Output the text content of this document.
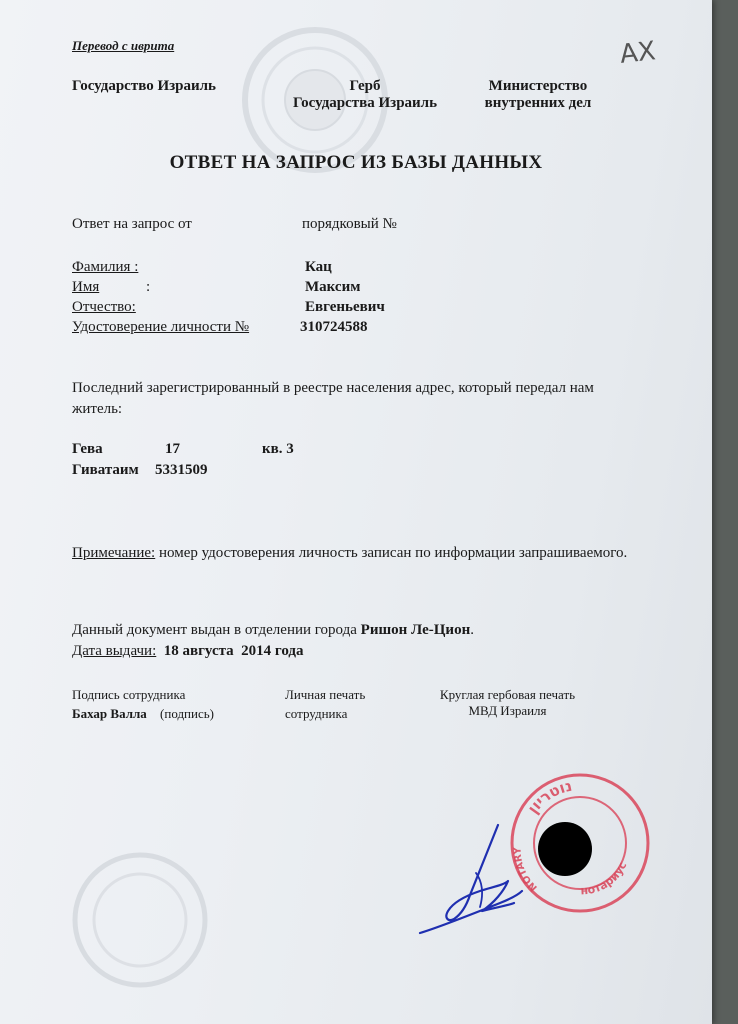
Перевод с иврита	AX
Государство Израиль	Герб
Государства Израиль
Министерство
внутренних дел
ОТВЕТ НА ЗАПРОС ИЗ БАЗЫ ДАННЫХ
Ответ на запрос от	порядковый №
Фамилия :	Кац
Имя	:	Максим
Отчество:	Евгеньевич
Удостоверение личности №	310724588
Последний зарегистрированный в реестре населения адрес, который передал нам житель:
Гева	17	кв. 3
Гиватаим 5331509
Примечание: номер удостоверения личность записан по информации запрашиваемого.
Данный документ выдан в отделении города Ришон Ле-Цион.
Дата выдачи:  18 августа  2014 года
Подпись сотрудника
Бахар Валла (подпись)
Личная печать
сотрудника
Круглая гербовая печать
МВД Израиля
נוטריון
нотариус
NOTARY
